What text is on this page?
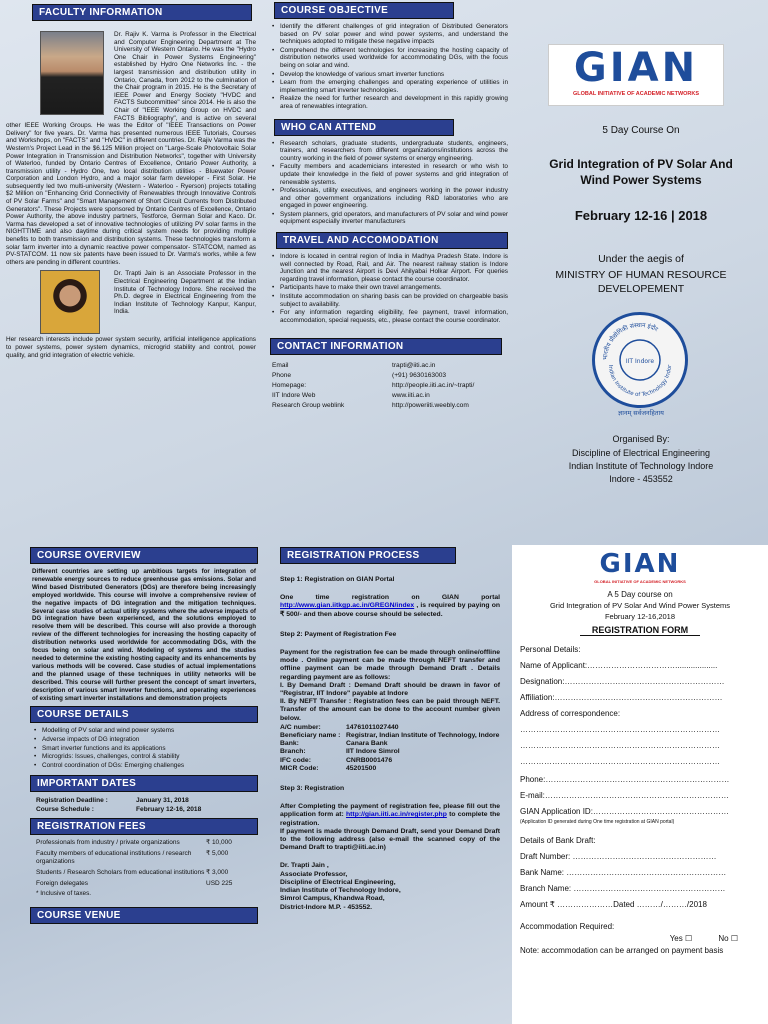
FACULTY INFORMATION
Dr. Rajiv K. Varma is Professor in the Electrical and Computer Engineering Department at The University of Western Ontario. He was the "Hydro One Chair in Power Systems Engineering" established by Hydro One Networks Inc. - the largest transmission and distribution utility in Ontario, Canada, from 2012 to the culmination of the Chair program in 2015. He is the Secretary of IEEE Power and Energy Society "HVDC and FACTS Subcommittee" since 2014. He is also the Chair of "IEEE Working Group on HVDC and FACTS Bibliography", and is active on several other IEEE Working Groups. He was the Editor of "IEEE Transactions on Power Delivery" for five years. Dr. Varma has presented numerous IEEE Tutorials, Courses and Workshops, on "FACTS" and "HVDC" in different countries. Dr. Rajiv Varma was the Western's Project Lead in the $6.125 Million project on "Large-Scale Photovoltaic Solar Power Integration in Transmission and Distribution Networks", together with University of Waterloo, funded by Ontario Centres of Excellence, Ontario Power Authority, a transmission utility - Hydro One, two local distribution utilities - Bluewater Power Corporation and London Hydro, and a major solar farm developer - First Solar. He subsequently led two multi-university (Western - Waterloo - Ryerson) projects totalling $2 Million on "Enhancing Grid Connectivity of Renewables through Innovative Controls of PV Solar Farms" and "Smart Management of Short Circuit Currents from Distributed Generators". These Projects were sponsored by Ontario Centres of Excellence, Ontario Power Authority, the above industry partners, Testforce, German Solar and Kaco. Dr. Varma has developed a set of innovative technologies of utilizing PV solar farms in the NIGHTTIME and also daytime during critical system needs for providing multiple benefits to both transmission and distribution systems. These technologies transform a solar farm inverter into a dynamic reactive power compensator- STATCOM, named as PV-STATCOM. 11 now six patents have been issued to Dr. Varma's works, while a few others are pending in different countries.
Dr. Trapti Jain is an Associate Professor in the Electrical Engineering Department at the Indian Institute of Technology Indore. She received the Ph.D. degree in Electrical Engineering from the Indian Institute of Technology Kanpur, Kanpur, India.
Her research interests include power system security, artificial intelligence applications to power systems, power system dynamics, microgrid stability and control, power quality, and grid integration of electric vehicle.
COURSE OBJECTIVE
• Identify the different challenges of grid integration of Distributed Generators based on PV solar power and wind power systems, and understand the techniques adopted to mitigate these negative impacts
• Comprehend the different technologies for increasing the hosting capacity of distribution networks used worldwide for accommodating DGs, with the focus being on solar and wind.
• Develop the knowledge of various smart inverter functions
• Learn from the emerging challenges and operating experience of utilities in implementing smart inverter technologies.
• Realize the need for further research and development in this rapidly growing area of renewables integration.
WHO CAN ATTEND
• Research scholars, graduate students, undergraduate students, engineers, trainers, and researchers from different organizations/institutions across the country working in the field of power systems or energy engineering.
• Faculty members and academicians interested in research or who wish to update their knowledge in the field of power systems and grid integration of renewable systems.
• Professionals, utility executives, and engineers working in the power industry and other government organizations including R&D laboratories who are engaged in power engineering.
• System planners, grid operators, and manufacturers of PV solar and wind power equipment especially inverter manufacturers
TRAVEL AND ACCOMODATION
• Indore is located in central region of India in Madhya Pradesh State. Indore is well connected by Road, Rail, and Air. The nearest railway station is Indore Junction and the nearest Airport is Devi Ahilyabai Holkar Airport. For queries regarding travel information, please contact the course coordinator.
• Participants have to make their own travel arrangements.
• Institute accommodation on sharing basis can be provided on chargeable basis subject to availability.
• For any information regarding eligibility, fee payment, travel information, accommodation, special requests, etc., please contact the course coordinator.
CONTACT INFORMATION
Email	trapti@iiti.ac.in
Phone	(+91) 9630163003
Homepage:	http://people.iiti.ac.in/~trapti/
IIT Indore Web	www.iiti.ac.in
Research Group weblink	http://poweriiti.weebly.com
GIAN
GLOBAL INITIATIVE OF ACADEMIC NETWORKS
5 Day Course On
Grid Integration of PV Solar And Wind Power Systems
February 12-16 | 2018
Under the aegis of
MINISTRY OF HUMAN RESOURCE DEVELOPEMENT
भारतीय प्रौद्योगिकी संस्थान इंदौर
Indian Institute of Technology Indor
IIT Indore
ज्ञानम् सर्वजनहिताय
Organised By:
Discipline of Electrical Engineering
Indian Institute of Technology Indore
Indore - 453552
COURSE OVERVIEW
Different countries are setting up ambitious targets for integration of renewable energy sources to reduce greenhouse gas emissions. Solar and Wind based Distributed Generators (DGs) are therefore being increasingly employed worldwide. This course will involve a comprehensive review of the negative impacts of DG integration and the mitigation techniques. Several case studies of actual utility systems where the adverse impacts of DG integration have been experienced, and the solutions employed to resolve them will be described. This course will also provide a thorough review of the different technologies for increasing the hosting capacity of distribution networks used worldwide for accommodating DGs, with the focus being on solar and wind. Modeling of systems and the studies needed to determine the existing hosting capacity and its enhancements by various methods will be covered. Case studies of actual implementations and the planned usage of these techniques in utility networks will be described. This course will further present the concept of smart inverters, description of various smart inverter functions, and operating experiences of existing smart inverter installations and demonstration projects
COURSE DETAILS
• Modelling of PV solar and wind power systems
• Adverse impacts of DG integration
• Smart inverter functions and its applications
• Microgrids: Issues, challenges, control & stability
• Control coordination of DGs: Emerging challenges
IMPORTANT DATES
Registration Deadline :	January 31, 2018
Course Schedule :	February 12-16, 2018
REGISTRATION FEES
Professionals from industry / private organizations	₹ 10,000
Faculty members of educational institutions / research organizations
₹ 5,000
Students / Research Scholars from educational institutions ₹ 3,000
Foreign delegates	USD 225
* Inclusive of taxes.
COURSE VENUE
REGISTRATION PROCESS
Step 1: Registration on GIAN Portal
One time registration on GIAN portal http://www.gian.iitkgp.ac.in/GREGN/index , is required by paying on ₹ 500/- and then above course should be selected.
Step 2: Payment of Registration Fee
Payment for the registration fee can be made through online/offline mode . Online payment can be made through NEFT transfer and offline payment can be made through Demand Draft . Details regarding payment are as follows:
I. By Demand Draft : Demand Draft should be drawn in favor of "Registrar, IIT Indore" payable at Indore
II. By NEFT Transfer : Registration fees can be paid through NEFT. Transfer of the amount can be done to the account number given below.
A/C number:	14761011027440
Beneficiary name : Registrar, Indian Institute of Technology, Indore
Bank:	Canara Bank
Branch:	IIT Indore Simrol
IFC code:	CNRB0001476
MICR Code:	45201500
Step 3: Registration
After Completing the payment of registration fee, please fill out the application form at: http://gian.iiti.ac.in/register.php to complete the registration.
If payment is made through Demand Draft, send your Demand Draft to the following address (also e-mail the scanned copy of the Demand Draft to trapti@iiti.ac.in)
Dr. Trapti Jain ,
Associate Professor,
Discipline of Electrical Engineering,
Indian Institute of Technology Indore,
Simrol Campus, Khandwa Road,
District-Indore M.P. - 453552.
GIAN
GLOBAL INITIATIVE OF ACADEMIC NETWORKS
A 5 Day course on
Grid Integration of PV Solar And Wind Power Systems
February 12-16,2018
REGISTRATION FORM
Personal Details:
Name of Applicant:……………………………...................
Designation:……………………………………………………
Affiliation:………………………………………………………
Address of correspondence:
…………………………………………………………………
…………………………………………………………………
…………………………………………………………………
Phone:……………………………………………………………
E-mail:……………………………………………………………
GIAN Application ID:……………………………………………
(Application ID generated during One time registration at GIAN portal)
Details of Bank Draft:
Draft Number: ………………………………………………
Bank Name: ……………………………………………………
Branch Name: …………………………………………………
Amount ₹ …………………Dated ………/………/2018
Accommodation Required:
Yes ☐	No ☐
Note: accommodation can be arranged on payment basis
